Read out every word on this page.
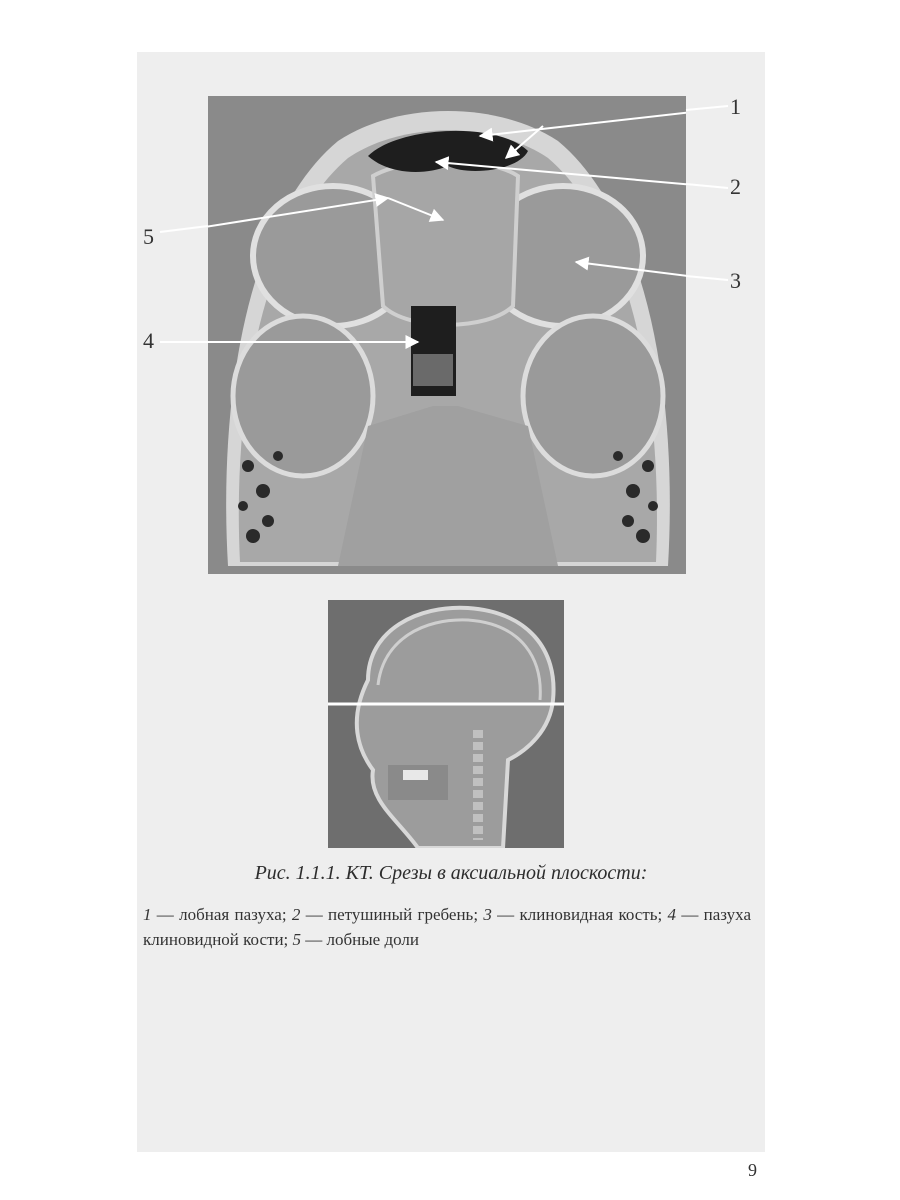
1
2
3
4
5
Рис. 1.1.1. КТ. Срезы в аксиальной плоскости:
1 — лобная пазуха; 2 — петушиный гребень; 3 — клиновидная кость; 4 — пазуха клиновидной кости; 5 — лобные доли
9
